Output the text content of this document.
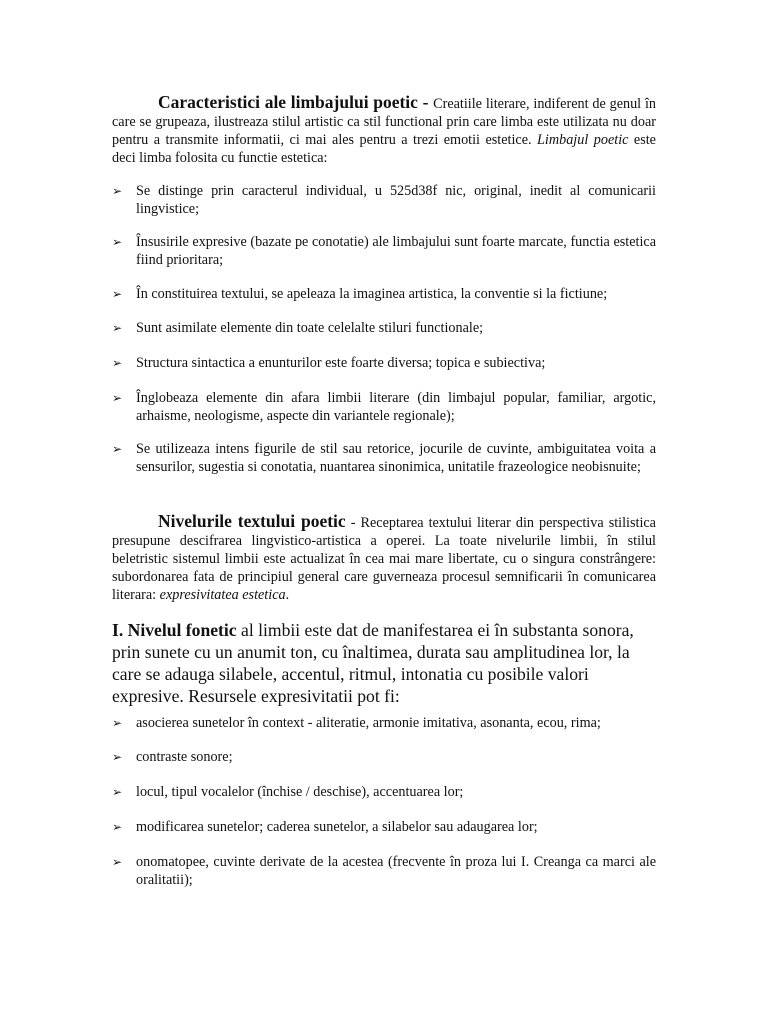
Caracteristici ale limbajului poetic - Creatiile literare, indiferent de genul în care se grupeaza, ilustreaza stilul artistic ca stil functional prin care limba este utilizata nu doar pentru a transmite informatii, ci mai ales pentru a trezi emotii estetice. Limbajul poetic este deci limba folosita cu functie estetica:

➢ Se distinge prin caracterul individual, u 525d38f nic, original, inedit al comunicarii lingvistice;
➢ Însusirile expresive (bazate pe conotatie) ale limbajului sunt foarte marcate, functia estetica fiind prioritara;
➢ În constituirea textului, se apeleaza la imaginea artistica, la conventie si la fictiune;
➢ Sunt asimilate elemente din toate celelalte stiluri functionale;
➢ Structura sintactica a enunturilor este foarte diversa; topica e subiectiva;
➢ Înglobeaza elemente din afara limbii literare (din limbajul popular, familiar, argotic, arhaisme, neologisme, aspecte din variantele regionale);
➢ Se utilizeaza intens figurile de stil sau retorice, jocurile de cuvinte, ambiguitatea voita a sensurilor, sugestia si conotatia, nuantarea sinonimica, unitatile frazeologice neobisnuite;

Nivelurile textului poetic - Receptarea textului literar din perspectiva stilistica presupune descifrarea lingvistico-artistica a operei. La toate nivelurile limbii, în stilul beletristic sistemul limbii este actualizat în cea mai mare libertate, cu o singura constrângere: subordonarea fata de principiul general care guverneaza procesul semnificarii în comunicarea literara: expresivitatea estetica.

I. Nivelul fonetic al limbii este dat de manifestarea ei în substanta sonora, prin sunete cu un anumit ton, cu înaltimea, durata sau amplitudinea lor, la care se adauga silabele, accentul, ritmul, intonatia cu posibile valori expresive. Resursele expresivitatii pot fi:

➢ asocierea sunetelor în context - aliteratie, armonie imitativa, asonanta, ecou, rima;
➢ contraste sonore;
➢ locul, tipul vocalelor (închise / deschise), accentuarea lor;
➢ modificarea sunetelor; caderea sunetelor, a silabelor sau adaugarea lor;
➢ onomatopee, cuvinte derivate de la acestea (frecvente în proza lui I. Creanga ca marci ale oralitatii);
